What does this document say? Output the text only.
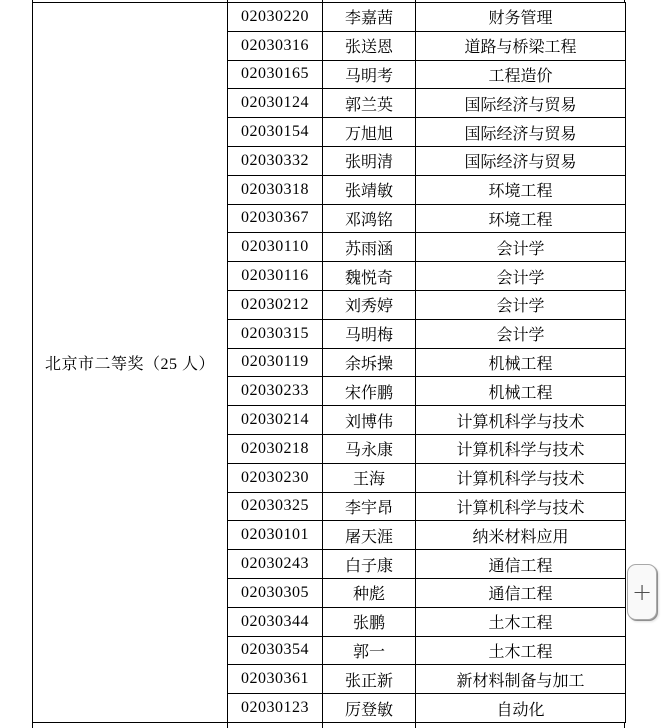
北京市二等奖（25 人）	02030220	李嘉茜	财务管理
	02030316	张送恩	道路与桥梁工程
	02030165	马明考	工程造价
	02030124	郭兰英	国际经济与贸易
	02030154	万旭旭	国际经济与贸易
	02030332	张明清	国际经济与贸易
	02030318	张靖敏	环境工程
	02030367	邓鸿铭	环境工程
	02030110	苏雨涵	会计学
	02030116	魏悦奇	会计学
	02030212	刘秀婷	会计学
	02030315	马明梅	会计学
	02030119	余坼操	机械工程
	02030233	宋作鹏	机械工程
	02030214	刘博伟	计算机科学与技术
	02030218	马永康	计算机科学与技术
	02030230	王海	计算机科学与技术
	02030325	李宇昂	计算机科学与技术
	02030101	屠天涯	纳米材料应用
	02030243	白子康	通信工程
	02030305	种彪	通信工程
	02030344	张鹏	土木工程
	02030354	郭一	土木工程
	02030361	张正新	新材料制备与加工
	02030123	厉登敏	自动化
+
